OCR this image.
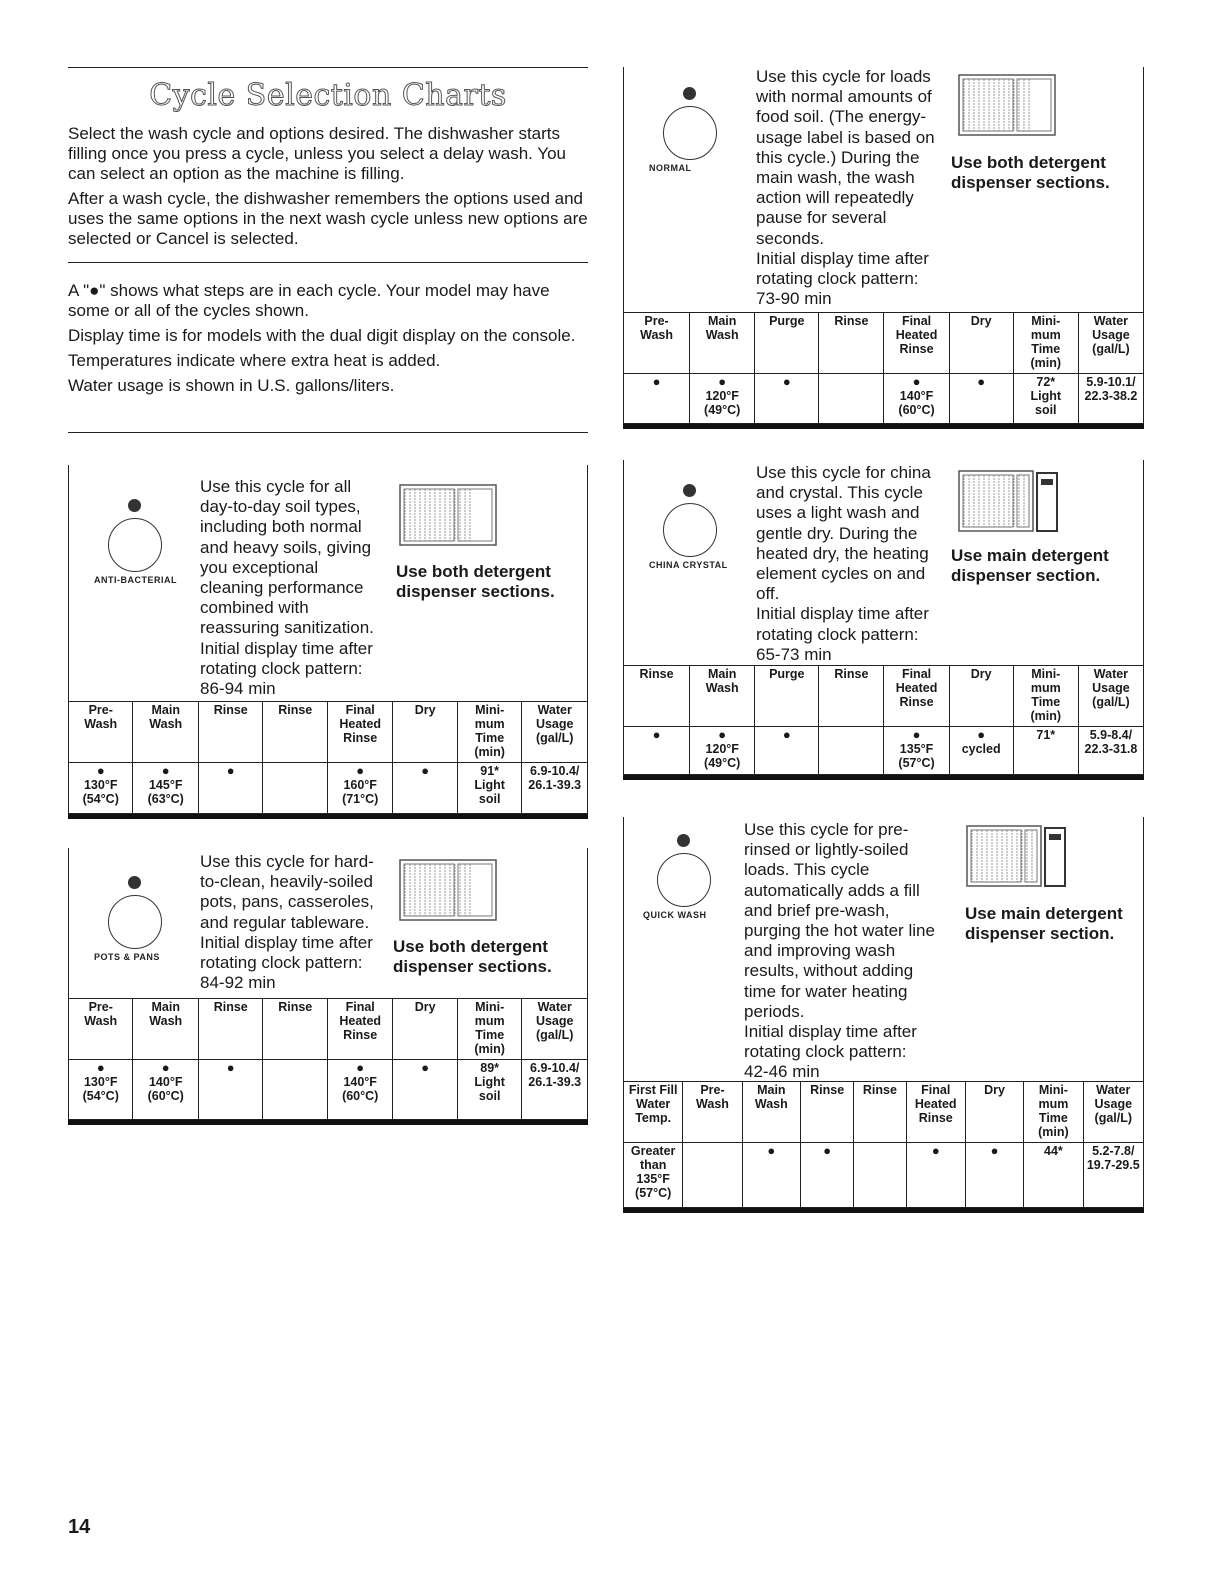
Cycle Selection Charts

Select the wash cycle and options desired. The dishwasher starts filling once you press a cycle, unless you select a delay wash. You can select an option as the machine is filling.

After a wash cycle, the dishwasher remembers the options used and uses the same options in the next wash cycle unless new options are selected or Cancel is selected.

A "●" shows what steps are in each cycle. Your model may have some or all of the cycles shown.

Display time is for models with the dual digit display on the console.

Temperatures indicate where extra heat is added.

Water usage is shown in U.S. gallons/liters.

ANTI-BACTERIAL
Use this cycle for all
day-to-day soil types,
including both normal
and heavy soils, giving
you exceptional
cleaning performance
combined with
reassuring sanitization.
Initial display time after
rotating clock pattern:
86-94 min
Use both detergent
dispenser sections.
Pre-
Wash	Main
Wash	Rinse	Rinse	Final
Heated
Rinse	Dry	Mini-
mum
Time
(min)	Water
Usage
(gal/L)

●
130°F
(54°C)	●
145°F
(63°C)	●		●
160°F
(71°C)	●	91*
Light
soil	6.9-10.4/
26.1-39.3
POTS & PANS
Use this cycle for hard-
to-clean, heavily-soiled
pots, pans, casseroles,
and regular tableware.
Initial display time after
rotating clock pattern:
84-92 min
Use both detergent
dispenser sections.
Pre-
Wash	Main
Wash	Rinse	Rinse	Final
Heated
Rinse	Dry	Mini-
mum
Time
(min)	Water
Usage
(gal/L)

●
130°F
(54°C)	●
140°F
(60°C)	●		●
140°F
(60°C)	●	89*
Light
soil	6.9-10.4/
26.1-39.3
NORMAL
Use this cycle for loads
with normal amounts of
food soil. (The energy-
usage label is based on
this cycle.) During the
main wash, the wash
action will repeatedly
pause for several
seconds.
Initial display time after
rotating clock pattern:
73-90 min
Use both detergent
dispenser sections.
Pre-
Wash	Main
Wash	Purge	Rinse	Final
Heated
Rinse	Dry	Mini-
mum
Time
(min)	Water
Usage
(gal/L)

●	●
120°F
(49°C)	●		●
140°F
(60°C)	●	72*
Light
soil	5.9-10.1/
22.3-38.2
CHINA CRYSTAL
Use this cycle for china
and crystal. This cycle
uses a light wash and
gentle dry. During the
heated dry, the heating
element cycles on and
off.
Initial display time after
rotating clock pattern:
65-73 min
Use main detergent
dispenser section.
Rinse	Main
Wash	Purge	Rinse	Final
Heated
Rinse	Dry	Mini-
mum
Time
(min)	Water
Usage
(gal/L)

●	●
120°F
(49°C)	●		●
135°F
(57°C)	●
cycled	71*	5.9-8.4/
22.3-31.8
QUICK WASH
Use this cycle for pre-
rinsed or lightly-soiled
loads. This cycle
automatically adds a fill
and brief pre-wash,
purging the hot water line
and improving wash
results, without adding
time for water heating
periods.
Initial display time after
rotating clock pattern:
42-46 min
Use main detergent
dispenser section.
First Fill
Water
Temp.	Pre-
Wash	Main
Wash	Rinse	Rinse	Final
Heated
Rinse	Dry	Mini-
mum
Time
(min)	Water
Usage
(gal/L)

Greater
than
135°F
(57°C)		●	●		●	●	44*	5.2-7.8/
19.7-29.5
14
